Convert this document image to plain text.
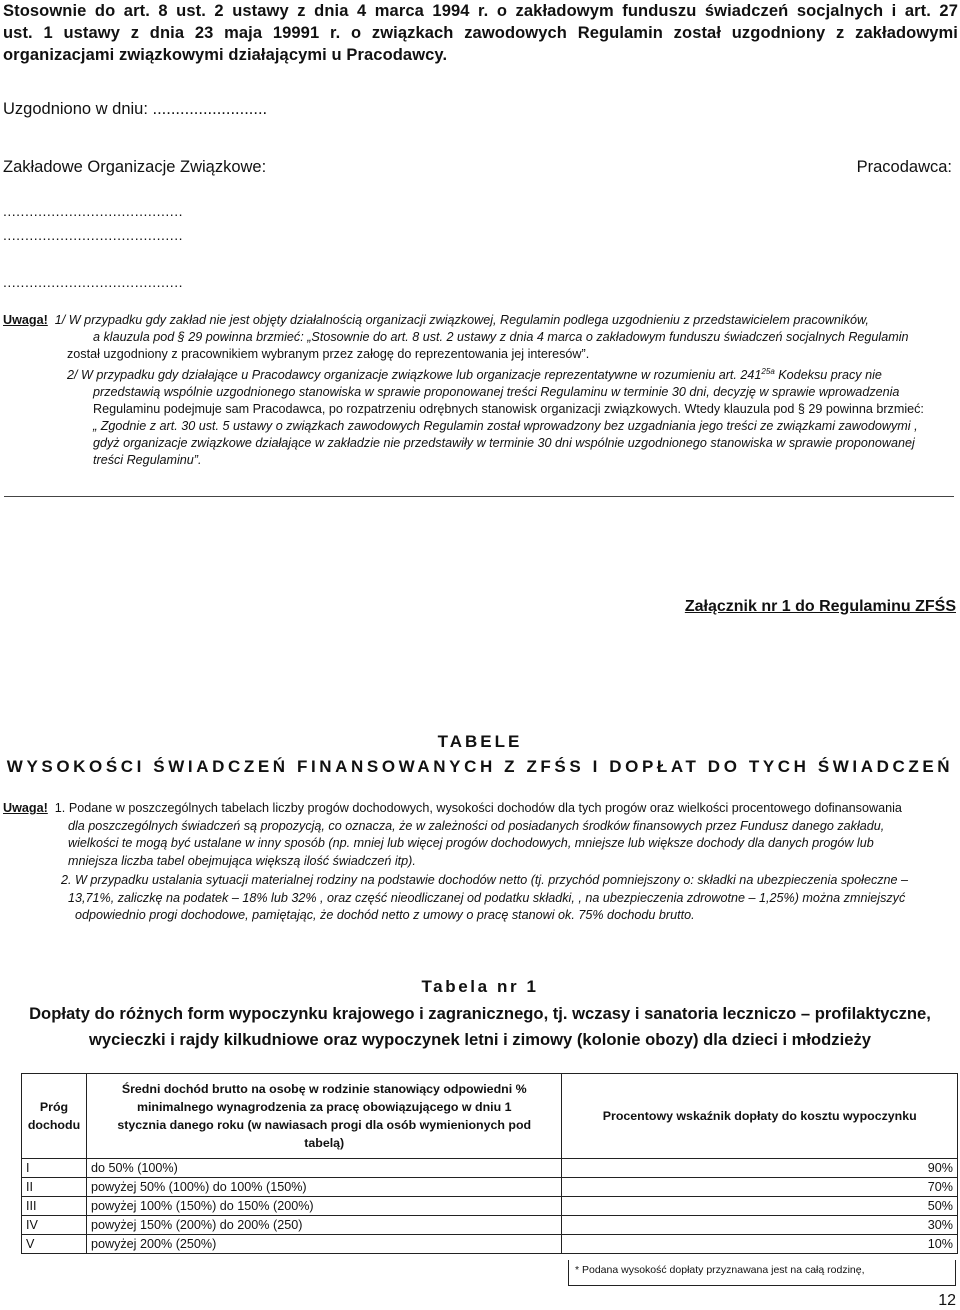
Stosownie do art. 8 ust. 2 ustawy z dnia 4 marca 1994 r. o zakładowym funduszu świadczeń socjalnych i art. 27
ust. 1 ustawy z dnia 23 maja 19991 r. o związkach zawodowych Regulamin został uzgodniony z zakładowymi
organizacjami związkowymi działającymi u Pracodawcy.
Uzgodniono w dniu: .........................
Zakładowe Organizacje Związkowe:	Pracodawca:
.........................................
.........................................
.........................................
Uwaga! 1/ W przypadku gdy zakład nie jest objęty działalnością organizacji związkowej, Regulamin podlega uzgodnieniu z przedstawicielem pracowników,
a klauzula pod § 29 powinna brzmieć: „Stosownie do art. 8 ust. 2 ustawy z dnia 4 marca o zakładowym funduszu świadczeń socjalnych Regulamin
został uzgodniony z pracownikiem wybranym przez załogę do reprezentowania jej interesów”.
2/ W przypadku gdy działające u Pracodawcy organizacje związkowe lub organizacje reprezentatywne w rozumieniu art. $241^{25a}$ Kodeksu pracy nie
przedstawią wspólnie uzgodnionego stanowiska w sprawie proponowanej treści Regulaminu w terminie 30 dni, decyzję w sprawie wprowadzenia
Regulaminu podejmuje sam Pracodawca, po rozpatrzeniu odrębnych stanowisk organizacji związkowych. Wtedy klauzula pod § 29 powinna brzmieć:
„ Zgodnie z art. 30 ust. 5 ustawy o związkach zawodowych Regulamin został wprowadzony bez uzgadniania jego treści ze związkami zawodowymi ,
gdyż organizacje związkowe działające w zakładzie nie przedstawiły w terminie 30 dni wspólnie uzgodnionego stanowiska w sprawie proponowanej
treści Regulaminu”.
Załącznik nr 1 do Regulaminu ZFŚS
TABELE
WYSOKOŚCI ŚWIADCZEŃ FINANSOWANYCH Z ZFŚS I DOPŁAT DO TYCH ŚWIADCZEŃ
Uwaga! 1. Podane w poszczególnych tabelach liczby progów dochodowych, wysokości dochodów dla tych progów oraz wielkości procentowego dofinansowania
dla poszczególnych świadczeń są propozycją, co oznacza, że w zależności od posiadanych środków finansowych przez Fundusz danego zakładu,
wielkości te mogą być ustalane w inny sposób (np. mniej lub więcej progów dochodowych, mniejsze lub większe dochody dla danych progów lub
mniejsza liczba tabel obejmująca większą ilość świadczeń itp).
2. W przypadku ustalania sytuacji materialnej rodziny na podstawie dochodów netto (tj. przychód pomniejszony o: składki na ubezpieczenia społeczne –
13,71%, zaliczkę na podatek – 18% lub 32% , oraz część nieodliczanej od podatku składki, , na ubezpieczenia zdrowotne – 1,25%) można zmniejszyć
odpowiednio progi dochodowe, pamiętając, że dochód netto z umowy o pracę stanowi ok. 75% dochodu brutto.
Tabela nr 1
Dopłaty do różnych form wypoczynku krajowego i zagranicznego, tj. wczasy i sanatoria leczniczo – profilaktyczne,
wycieczki i rajdy kilkudniowe oraz wypoczynek letni i zimowy (kolonie obozy) dla dzieci i młodzieży
Próg dochodu	Średni dochód brutto na osobę w rodzinie stanowiący odpowiedni % minimalnego wynagrodzenia za pracę obowiązującego w dniu 1 stycznia danego roku (w nawiasach progi dla osób wymienionych pod tabelą)	Procentowy wskaźnik dopłaty do kosztu wypoczynku
I	do 50% (100%)	90%
II	powyżej 50% (100%) do 100% (150%)	70%
III	powyżej 100% (150%) do 150% (200%)	50%
IV	powyżej 150% (200%) do 200% (250)	30%
V	powyżej 200% (250%)	10%
* Podana wysokość dopłaty przyznawana jest na całą rodzinę,
12
